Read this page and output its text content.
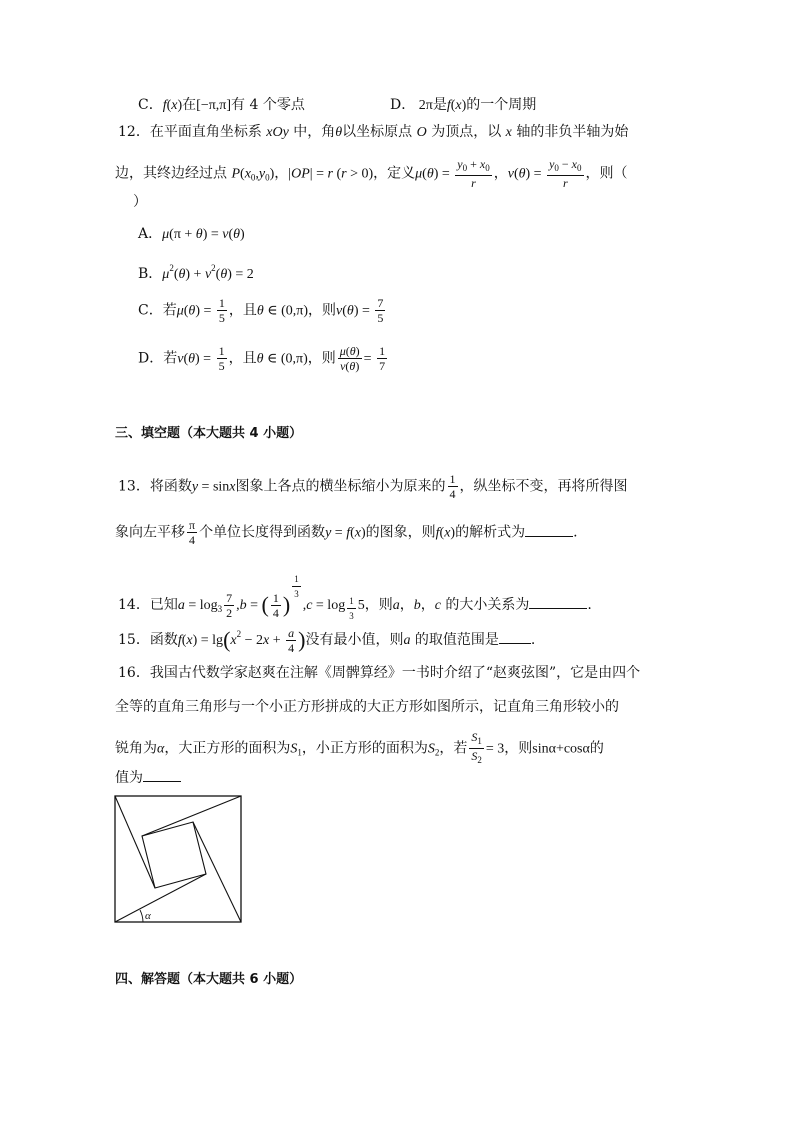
C．f(x)在[−π,π]有 4 个零点	D． 2π是f(x)的一个周期
12．在平面直角坐标系 xOy 中，角θ以坐标原点 O 为顶点，以 x 轴的非负半轴为始
边，其终边经过点 $P(x_0,y_0)$，|OP| = r (r > 0)，定义$\mu(\theta) = \frac{y_0 + x_0}{r}$ ，$\nu(\theta) = \frac{y_0 - x_0}{r}$ ，则（
）
A．μ(π + θ) = ν(θ)
B．$\mu^2(\theta) + \nu^2(\theta) = 2$
C．若$\mu(\theta) = \frac{1}{5}$ ，且θ ∈ (0,π)，则$\nu(\theta) = \frac{7}{5}$
D．若$\nu(\theta) = \frac{1}{5}$ ，且θ ∈ (0,π)，则 $\frac{\mu(\theta)}{\nu(\theta)} = \frac{1}{7}$
三、填空题（本大题共 4 小题）
13．将函数y = sinx图象上各点的横坐标缩小为原来的 $\frac{1}{4}$ ，纵坐标不变，再将所得图
象向左平移 $\frac{\pi}{4}$ 个单位长度得到函数y = f(x)的图象，则f(x)的解析式为	.
14．已知$a = \log_3 \frac{7}{2} ,b$ = ( $\frac{1}{4}$ )
$\frac{1}{3}$
$,c = \log \frac{1}{3} 5$，则a，b，c 的大小关系为	.
15．函数$f(x) = \lg(x^2 - 2x + \frac{a}{4}$ )没有最小值，则a 的取值范围是 .
16．我国古代数学家赵爽在注解《周髀算经》一书时介绍了“赵爽弦图”，它是由四个
全等的直角三角形与一个小正方形拼成的大正方形如图所示，记直角三角形较小的
锐角为α，大正方形的面积为$S_1$，小正方形的面积为$S_2$，若 $\frac{S_1}{S_2} = 3$，则sinα+cosα的
值为
α
四、解答题（本大题共 6 小题）
